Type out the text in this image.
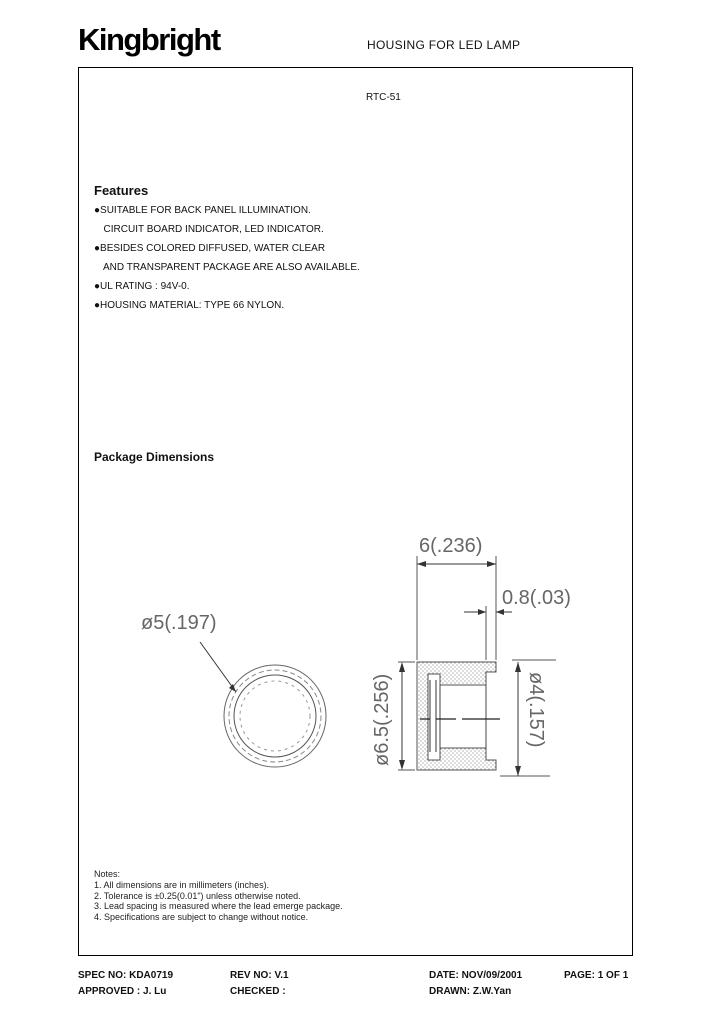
Kingbright	HOUSING FOR LED LAMP
RTC-51
Features
●SUITABLE FOR BACK PANEL ILLUMINATION.
CIRCUIT BOARD INDICATOR, LED INDICATOR.
●BESIDES COLORED DIFFUSED, WATER CLEAR
AND TRANSPARENT PACKAGE ARE ALSO AVAILABLE.
●UL RATING : 94V-0.
●HOUSING MATERIAL: TYPE 66 NYLON.
Package Dimensions
6(.236)
0.8(.03)
ø5(.197)
ø6.5(.256)	ø4(.157)
Notes:
1. All dimensions are in millimeters (inches).
2. Tolerance is ±0.25(0.01") unless otherwise noted.
3. Lead spacing is measured where the lead emerge package.
4. Specifications are subject to change without notice.
SPEC NO: KDA0719	REV NO: V.1	DATE: NOV/09/2001	PAGE: 1 OF 1
APPROVED : J. Lu	CHECKED :	DRAWN: Z.W.Yan
